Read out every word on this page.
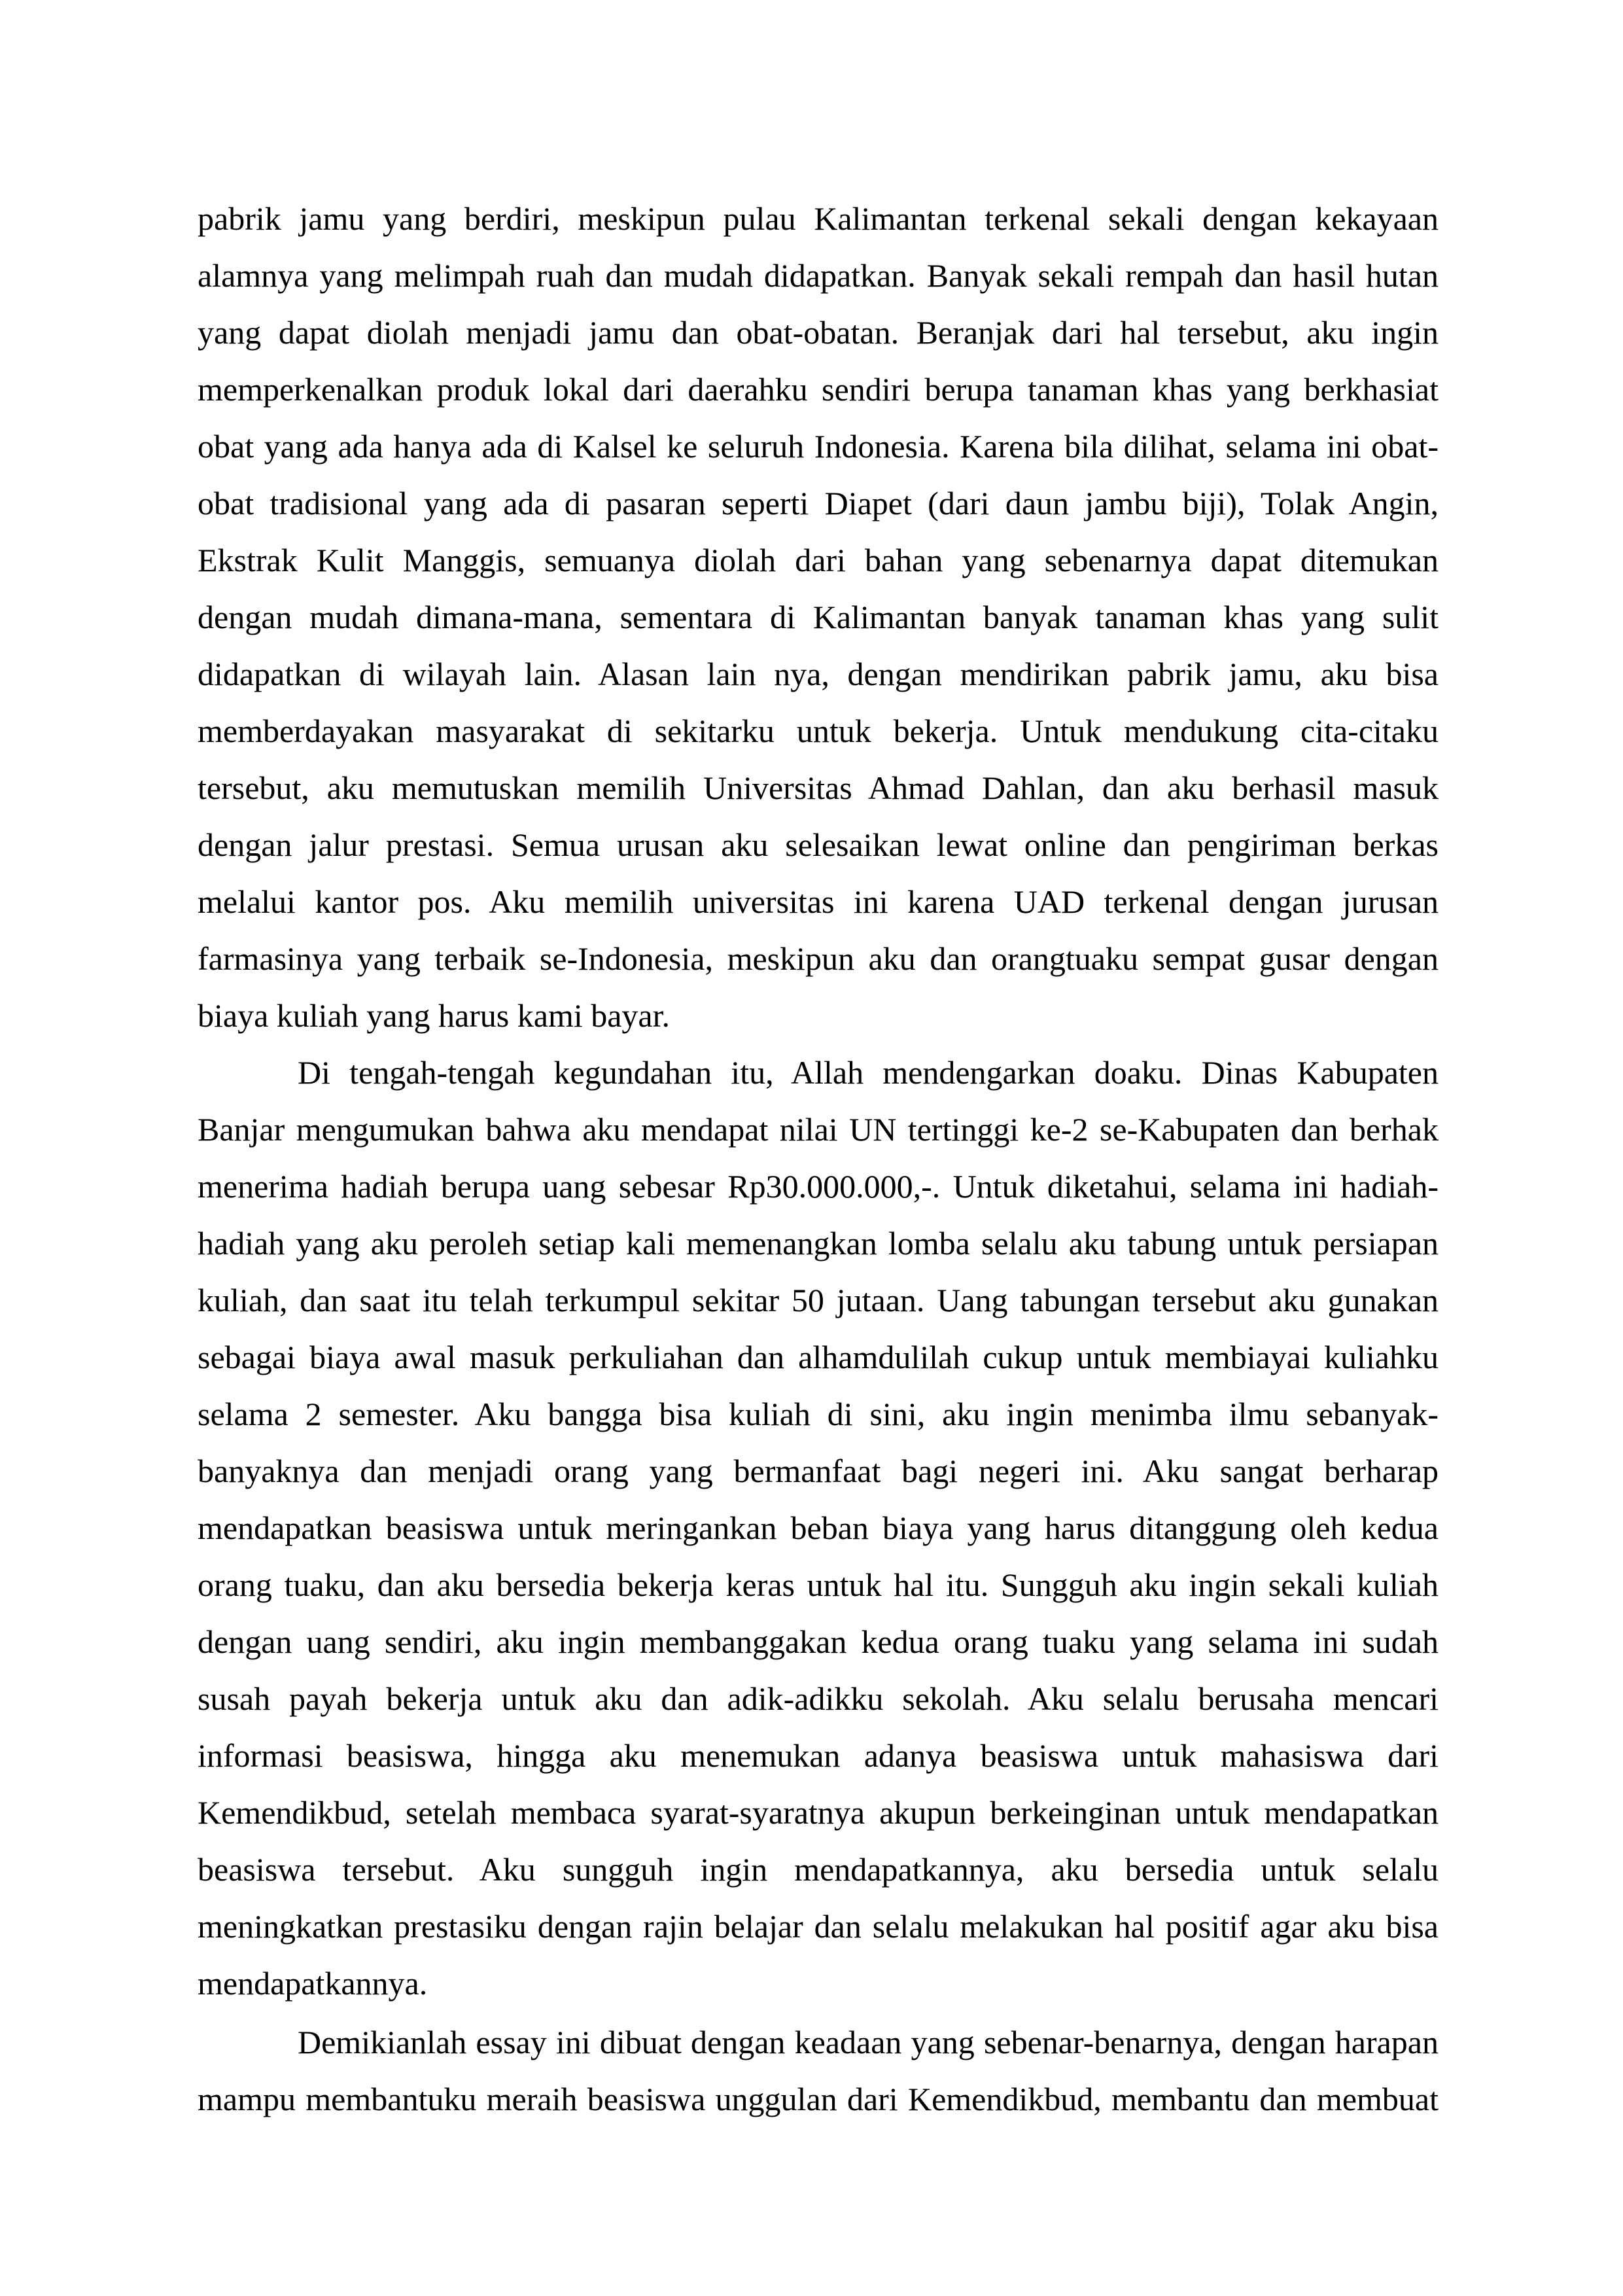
pabrik jamu yang berdiri, meskipun pulau Kalimantan terkenal sekali dengan kekayaan
alamnya yang melimpah ruah dan mudah didapatkan. Banyak sekali rempah dan hasil hutan
yang dapat diolah menjadi jamu dan obat-obatan. Beranjak dari hal tersebut, aku ingin
memperkenalkan produk lokal dari daerahku sendiri berupa tanaman khas yang berkhasiat
obat yang ada hanya ada di Kalsel ke seluruh Indonesia. Karena bila dilihat, selama ini obat-
obat tradisional yang ada di pasaran seperti Diapet (dari daun jambu biji), Tolak Angin,
Ekstrak Kulit Manggis, semuanya diolah dari bahan yang sebenarnya dapat ditemukan
dengan mudah dimana-mana, sementara di Kalimantan banyak tanaman khas yang sulit
didapatkan di wilayah lain. Alasan lain nya, dengan mendirikan pabrik jamu, aku bisa
memberdayakan masyarakat di sekitarku untuk bekerja. Untuk mendukung cita-citaku
tersebut, aku memutuskan memilih Universitas Ahmad Dahlan, dan aku berhasil masuk
dengan jalur prestasi. Semua urusan aku selesaikan lewat online dan pengiriman berkas
melalui kantor pos. Aku memilih universitas ini karena UAD terkenal dengan jurusan
farmasinya yang terbaik se-Indonesia, meskipun aku dan orangtuaku sempat gusar dengan
biaya kuliah yang harus kami bayar.
Di tengah-tengah kegundahan itu, Allah mendengarkan doaku. Dinas Kabupaten
Banjar mengumukan bahwa aku mendapat nilai UN tertinggi ke-2 se-Kabupaten dan berhak
menerima hadiah berupa uang sebesar Rp30.000.000,-. Untuk diketahui, selama ini hadiah-
hadiah yang aku peroleh setiap kali memenangkan lomba selalu aku tabung untuk persiapan
kuliah, dan saat itu telah terkumpul sekitar 50 jutaan. Uang tabungan tersebut aku gunakan
sebagai biaya awal masuk perkuliahan dan alhamdulilah cukup untuk membiayai kuliahku
selama 2 semester. Aku bangga bisa kuliah di sini, aku ingin menimba ilmu sebanyak-
banyaknya dan menjadi orang yang bermanfaat bagi negeri ini. Aku sangat berharap
mendapatkan beasiswa untuk meringankan beban biaya yang harus ditanggung oleh kedua
orang tuaku, dan aku bersedia bekerja keras untuk hal itu. Sungguh aku ingin sekali kuliah
dengan uang sendiri, aku ingin membanggakan kedua orang tuaku yang selama ini sudah
susah payah bekerja untuk aku dan adik-adikku sekolah. Aku selalu berusaha mencari
informasi beasiswa, hingga aku menemukan adanya beasiswa untuk mahasiswa dari
Kemendikbud, setelah membaca syarat-syaratnya akupun berkeinginan untuk mendapatkan
beasiswa tersebut. Aku sungguh ingin mendapatkannya, aku bersedia untuk selalu
meningkatkan prestasiku dengan rajin belajar dan selalu melakukan hal positif agar aku bisa
mendapatkannya.
Demikianlah essay ini dibuat dengan keadaan yang sebenar-benarnya, dengan harapan
mampu membantuku meraih beasiswa unggulan dari Kemendikbud, membantu dan membuat
